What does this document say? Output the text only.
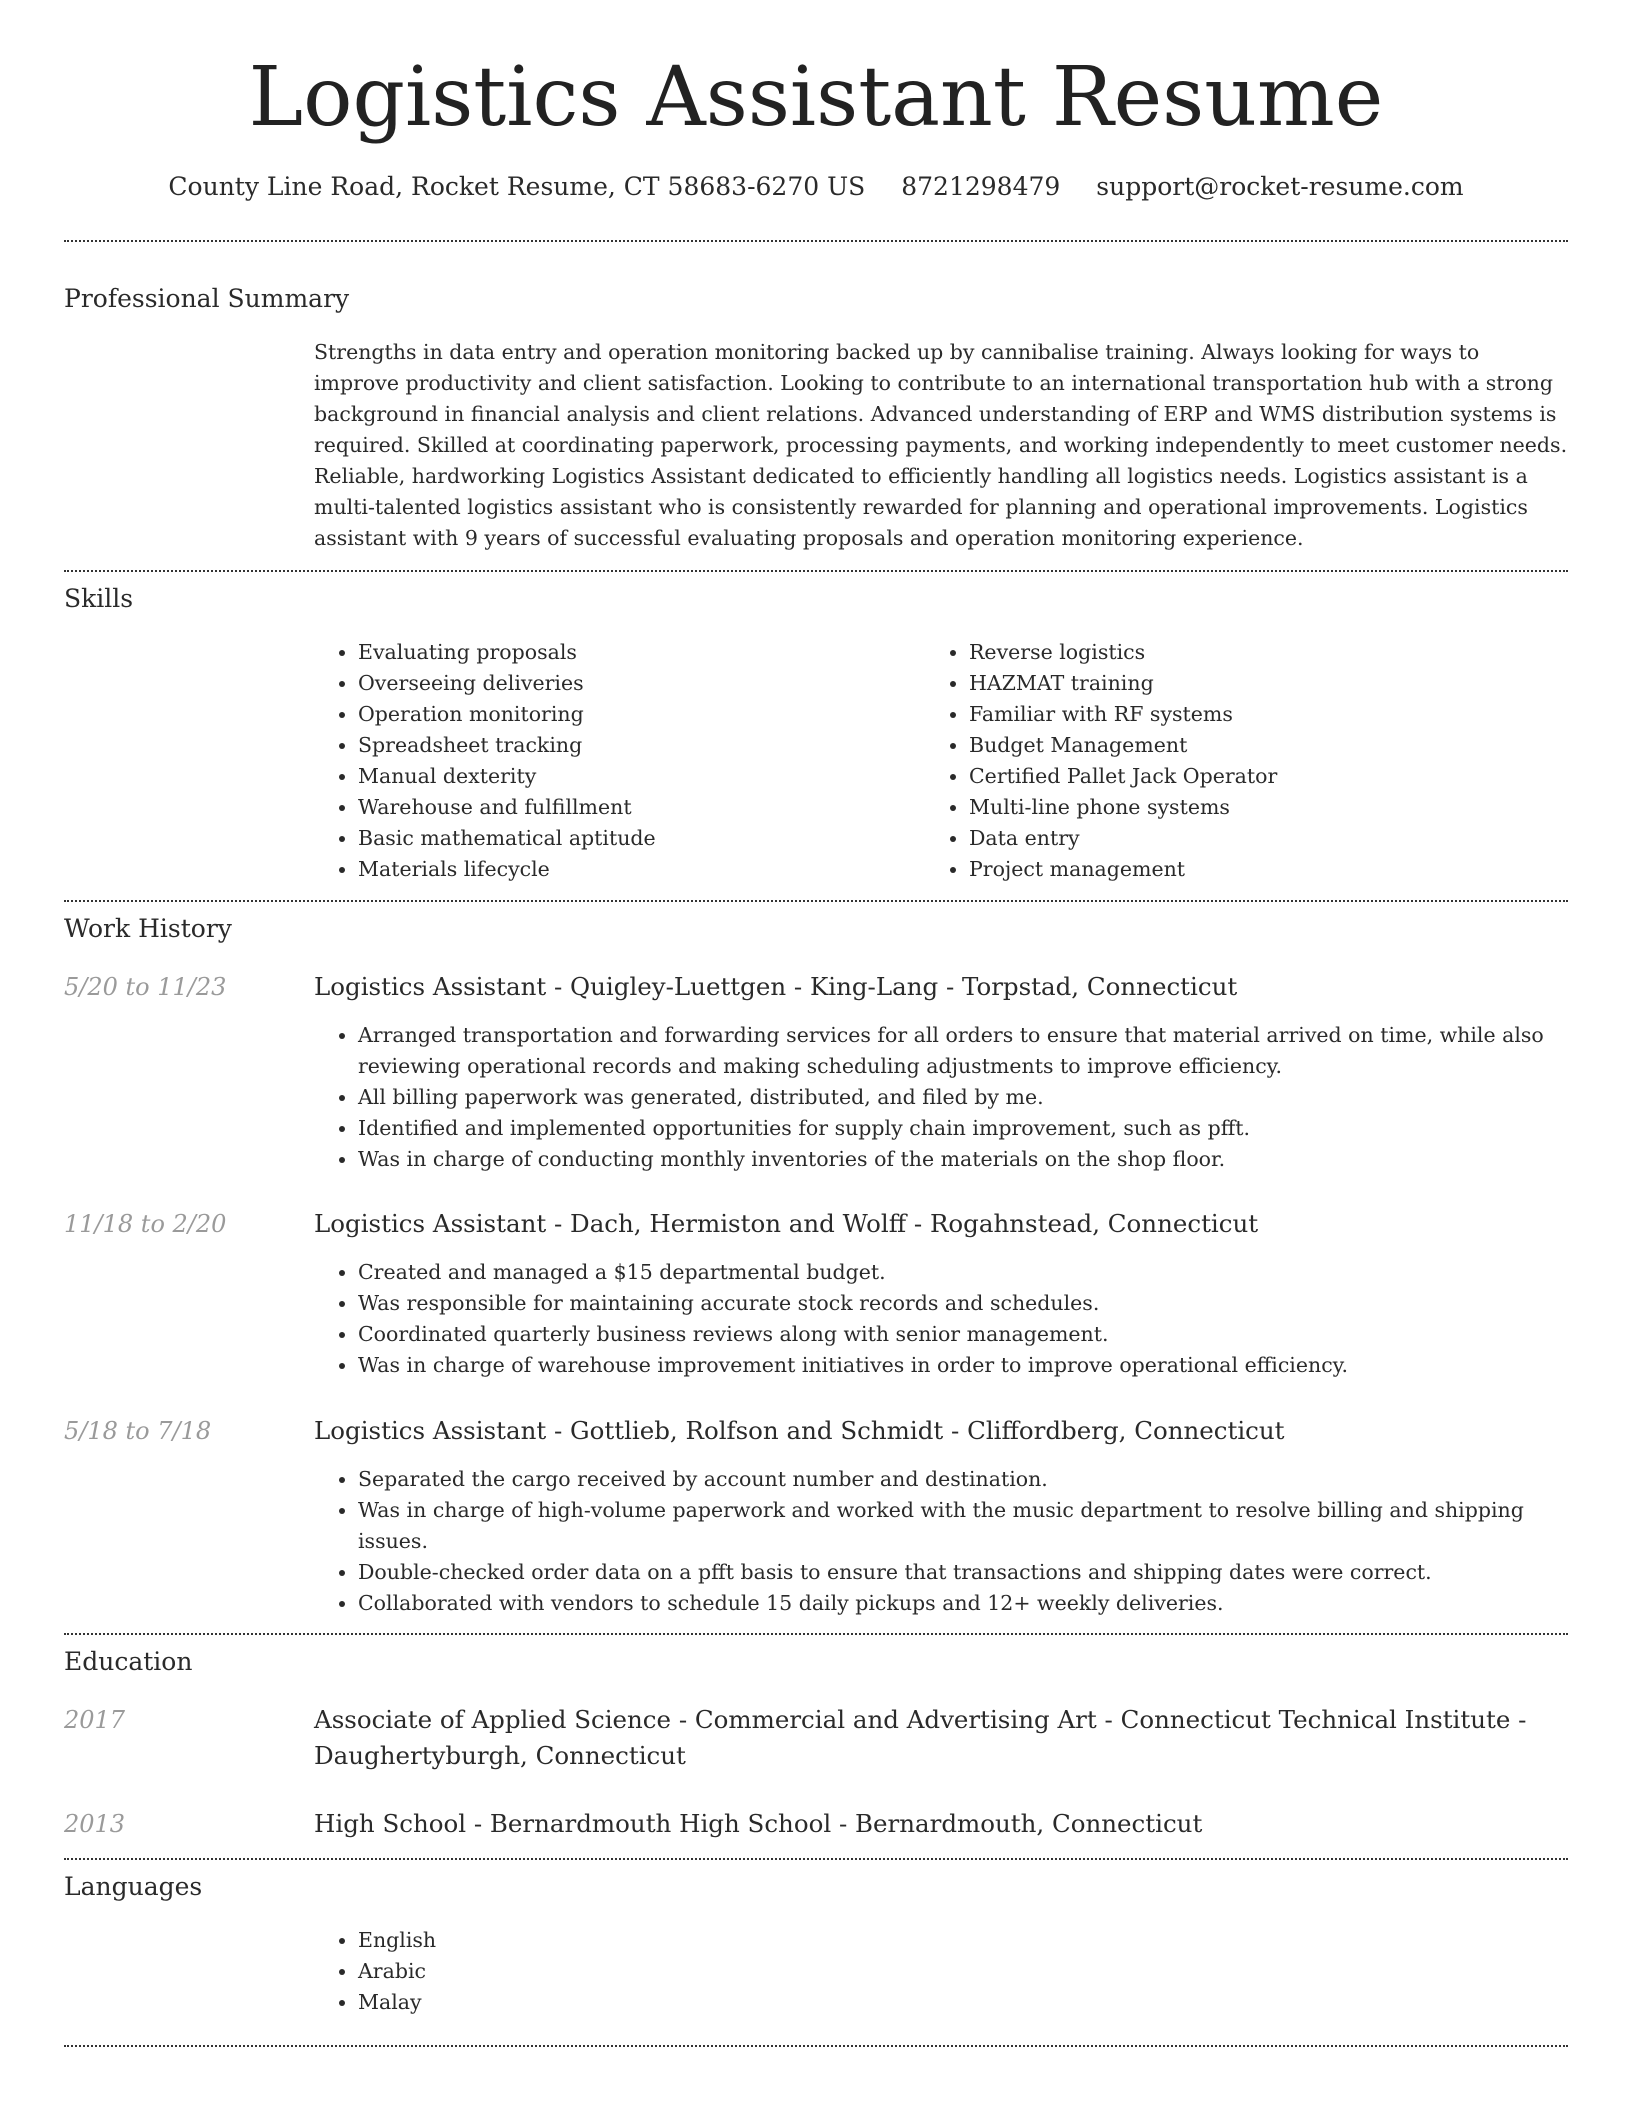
Logistics Assistant Resume
County Line Road, Rocket Resume, CT 58683-6270 US 8721298479 support@rocket-resume.com
Professional Summary

Strengths in data entry and operation monitoring backed up by cannibalise training. Always looking for ways to improve productivity and client satisfaction. Looking to contribute to an international transportation hub with a strong background in financial analysis and client relations. Advanced understanding of ERP and WMS distribution systems is required. Skilled at coordinating paperwork, processing payments, and working independently to meet customer needs. Reliable, hardworking Logistics Assistant dedicated to efficiently handling all logistics needs. Logistics assistant is a multi-talented logistics assistant who is consistently rewarded for planning and operational improvements. Logistics assistant with 9 years of successful evaluating proposals and operation monitoring experience.

Skills
• Evaluating proposals
• Overseeing deliveries
• Operation monitoring
• Spreadsheet tracking
• Manual dexterity
• Warehouse and fulfillment
• Basic mathematical aptitude
• Materials lifecycle
• Reverse logistics
• HAZMAT training
• Familiar with RF systems
• Budget Management
• Certified Pallet Jack Operator
• Multi-line phone systems
• Data entry
• Project management
Work History
5/20 to 11/23	Logistics Assistant - Quigley-Luettgen - King-Lang - Torpstad, Connecticut
• Arranged transportation and forwarding services for all orders to ensure that material arrived on time, while also reviewing operational records and making scheduling adjustments to improve efficiency.
• All billing paperwork was generated, distributed, and filed by me.
• Identified and implemented opportunities for supply chain improvement, such as pfft.
• Was in charge of conducting monthly inventories of the materials on the shop floor.
11/18 to 2/20	Logistics Assistant - Dach, Hermiston and Wolff - Rogahnstead, Connecticut
• Created and managed a $15 departmental budget.
• Was responsible for maintaining accurate stock records and schedules.
• Coordinated quarterly business reviews along with senior management.
• Was in charge of warehouse improvement initiatives in order to improve operational efficiency.
5/18 to 7/18	Logistics Assistant - Gottlieb, Rolfson and Schmidt - Cliffordberg, Connecticut
• Separated the cargo received by account number and destination.
• Was in charge of high-volume paperwork and worked with the music department to resolve billing and shipping issues.
• Double-checked order data on a pfft basis to ensure that transactions and shipping dates were correct.
• Collaborated with vendors to schedule 15 daily pickups and 12+ weekly deliveries.
Education
2017	Associate of Applied Science - Commercial and Advertising Art - Connecticut Technical Institute - Daughertyburgh, Connecticut
2013	High School - Bernardmouth High School - Bernardmouth, Connecticut
Languages
• English
• Arabic
• Malay
